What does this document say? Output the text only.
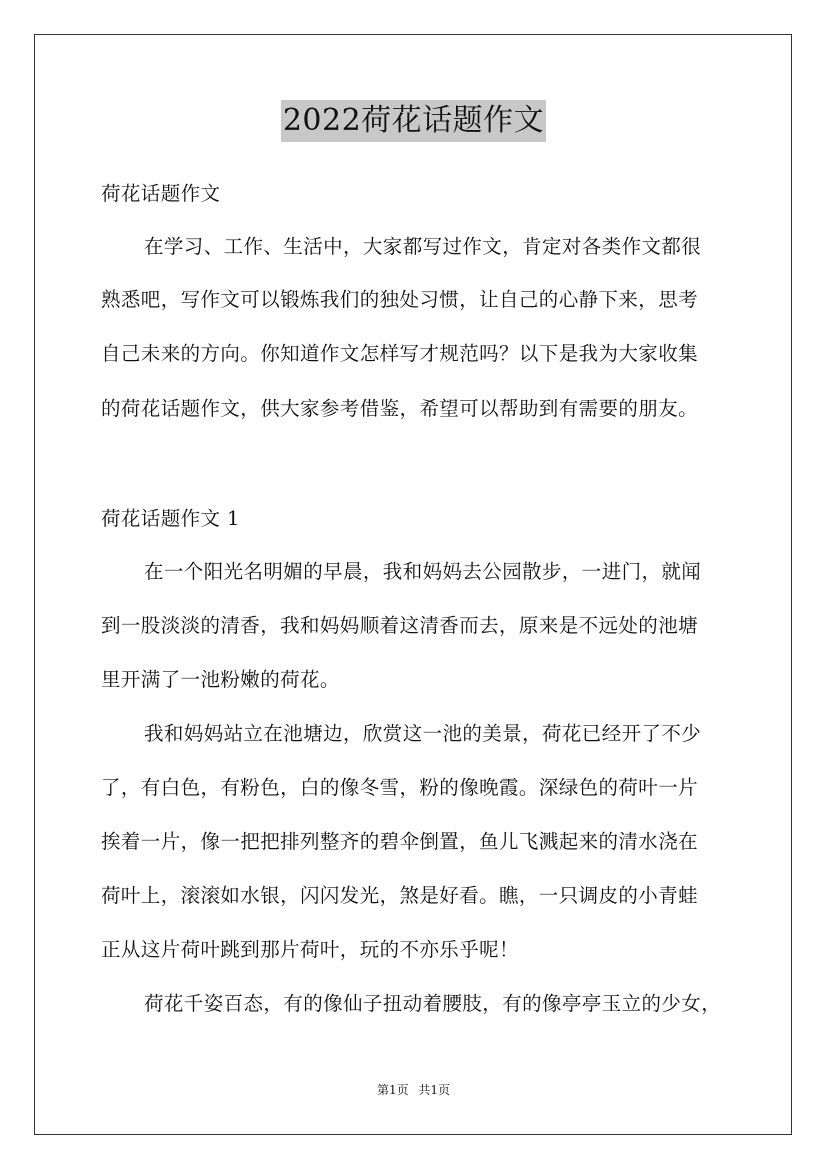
2022荷花话题作文
荷花话题作文
在学习、工作、生活中，大家都写过作文，肯定对各类作文都很
熟悉吧，写作文可以锻炼我们的独处习惯，让自己的心静下来，思考
自己未来的方向。你知道作文怎样写才规范吗？以下是我为大家收集
的荷花话题作文，供大家参考借鉴，希望可以帮助到有需要的朋友。
荷花话题作文 1
在一个阳光名明媚的早晨，我和妈妈去公园散步，一进门，就闻
到一股淡淡的清香，我和妈妈顺着这清香而去，原来是不远处的池塘
里开满了一池粉嫩的荷花。
我和妈妈站立在池塘边，欣赏这一池的美景，荷花已经开了不少
了，有白色，有粉色，白的像冬雪，粉的像晚霞。深绿色的荷叶一片
挨着一片，像一把把排列整齐的碧伞倒置，鱼儿飞溅起来的清水浇在
荷叶上，滚滚如水银，闪闪发光，煞是好看。瞧，一只调皮的小青蛙
正从这片荷叶跳到那片荷叶，玩的不亦乐乎呢！
荷花千姿百态，有的像仙子扭动着腰肢，有的像亭亭玉立的少女，
第1页 共1页
